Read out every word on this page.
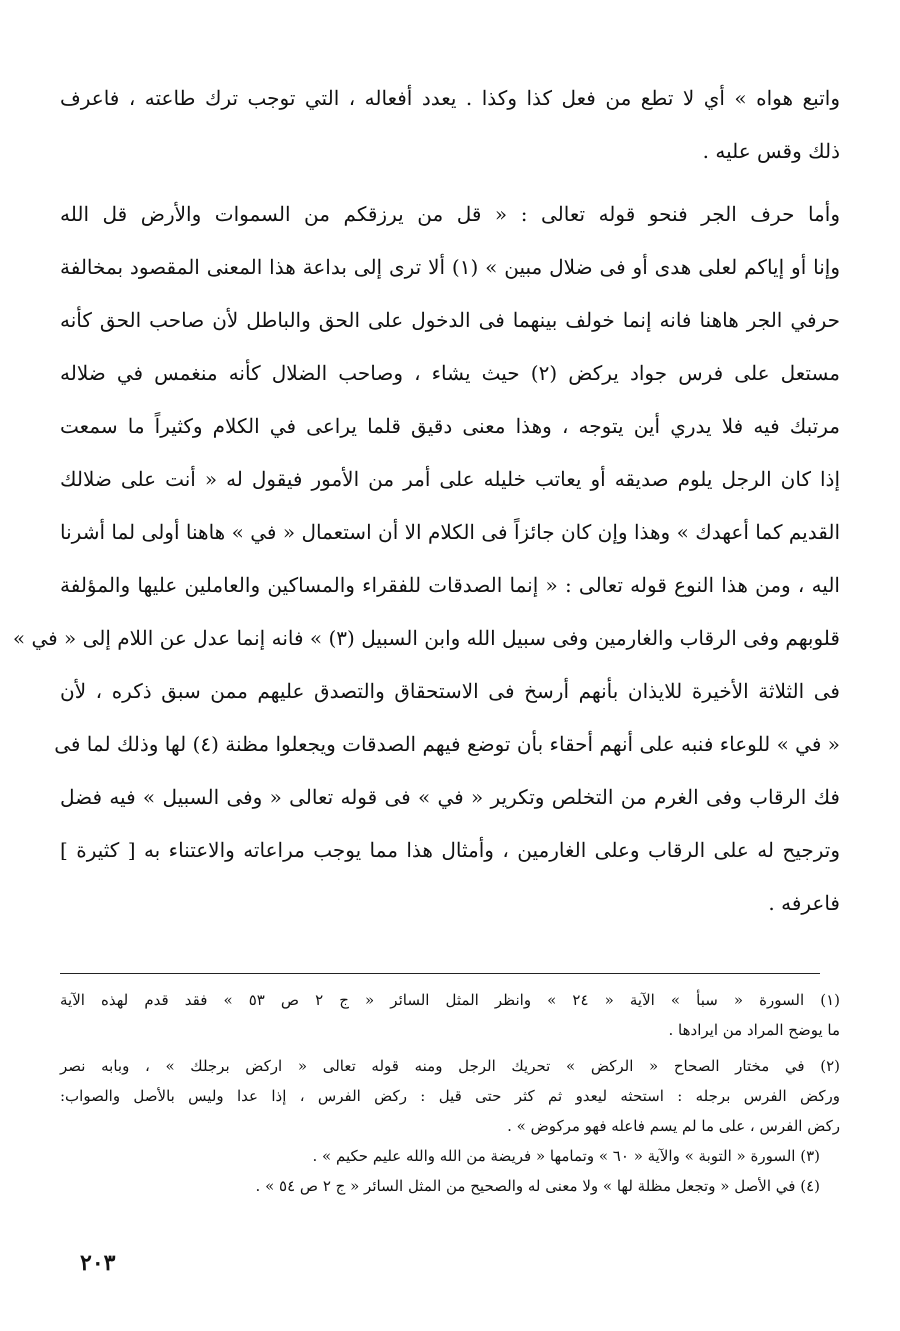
واتبع هواه » أي لا تطع من فعل كذا وكذا . يعدد أفعاله ، التي توجب ترك طاعته ، فاعرف
ذلك وقس عليه .
وأما حرف الجر فنحو قوله تعالى : « قل من يرزقكم من السموات والأرض قل الله
وإنا أو إياكم لعلى هدى أو فى ضلال مبين » (١) ألا ترى إلى بداعة هذا المعنى المقصود بمخالفة
حرفي الجر هاهنا فانه إنما خولف بينهما فى الدخول على الحق والباطل لأن صاحب الحق كأنه
مستعل على فرس جواد يركض (٢) حيث يشاء ، وصاحب الضلال كأنه منغمس في ضلاله
مرتبك فيه فلا يدري أين يتوجه ، وهذا معنى دقيق قلما يراعى في الكلام وكثيراً ما سمعت
إذا كان الرجل يلوم صديقه أو يعاتب خليله على أمر من الأمور فيقول له « أنت على ضلالك
القديم كما أعهدك » وهذا وإن كان جائزاً فى الكلام الا أن استعمال « في » هاهنا أولى لما أشرنا
اليه ، ومن هذا النوع قوله تعالى : « إنما الصدقات للفقراء والمساكين والعاملين عليها والمؤلفة
قلوبهم وفى الرقاب والغارمين وفى سبيل الله وابن السبيل (٣) » فانه إنما عدل عن اللام إلى « في »
فى الثلاثة الأخيرة للايذان بأنهم أرسخ فى الاستحقاق والتصدق عليهم ممن سبق ذكره ، لأن
« في » للوعاء فنبه على أنهم أحقاء بأن توضع فيهم الصدقات ويجعلوا مظنة (٤) لها وذلك لما فى
فك الرقاب وفى الغرم من التخلص وتكرير « في » فى قوله تعالى « وفى السبيل » فيه فضل
وترجيح له على الرقاب وعلى الغارمين ، وأمثال هذا مما يوجب مراعاته والاعتناء به [ كثيرة ]
فاعرفه .
(١) السورة « سبأ » الآية « ٢٤ » وانظر المثل السائر « ج ٢ ص ٥٣ » فقد قدم لهذه الآية
ما يوضح المراد من ايرادها .
(٢) في مختار الصحاح « الركض » تحريك الرجل ومنه قوله تعالى « اركض برجلك » ، وبابه نصر
وركض الفرس برجله : استحثه ليعدو ثم كثر حتى قيل : ركض الفرس ، إذا عدا وليس بالأصل والصواب:
ركض الفرس ، على ما لم يسم فاعله فهو مركوض » .
(٣) السورة « التوبة » والآية « ٦٠ » وتمامها « فريضة من الله والله عليم حكيم » .
(٤) في الأصل « وتجعل مظلة لها » ولا معنى له والصحيح من المثل السائر « ج ٢ ص ٥٤ » .
٢٠٣
